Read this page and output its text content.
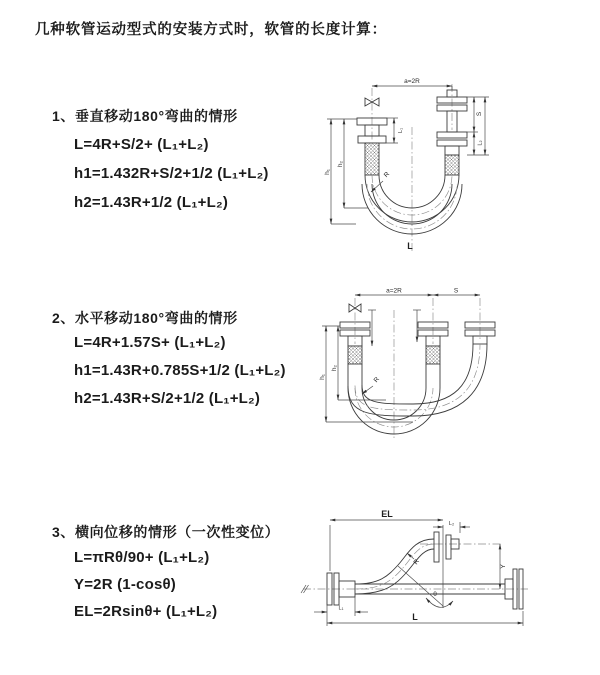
几种软管运动型式的安装方式时，软管的长度计算：
1、垂直移动180°弯曲的情形
L=4R+S/2+ (L₁+L₂)
h1=1.432R+S/2+1/2 (L₁+L₂)
h2=1.43R+1/2 (L₁+L₂)
2、水平移动180°弯曲的情形
L=4R+1.57S+ (L₁+L₂)
h1=1.43R+0.785S+1/2 (L₁+L₂)
h2=1.43R+S/2+1/2 (L₁+L₂)
3、横向位移的情形（一次性变位）
L=πRθ/90+ (L₁+L₂)
Y=2R (1-cosθ)
EL=2Rsinθ+ (L₁+L₂)
a=2R
h₁
h₂
L₁
S
L₂
R
L
a=2R	S
h₁
h₂
R
EL
L₂
Y
θ
R
L₁
L
